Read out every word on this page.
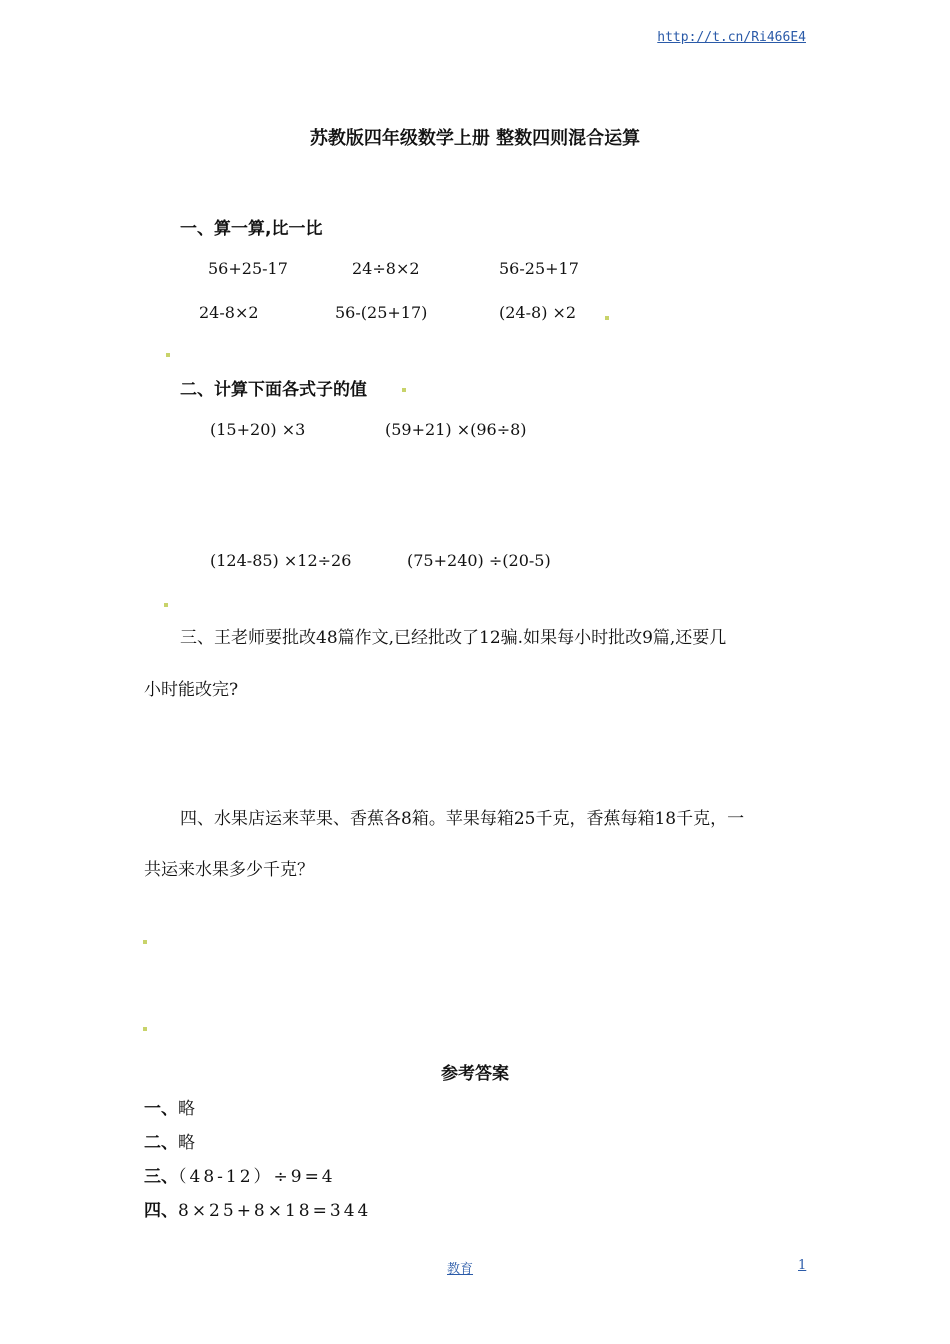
http://t.cn/Ri466E4
苏教版四年级数学上册 整数四则混合运算
一、算一算,比一比
56+25-17	24÷8×2	56-25+17
24-8×2	56-(25+17)	(24-8) ×2
二、计算下面各式子的值
(15+20) ×3	(59+21) ×(96÷8)
(124-85) ×12÷26	(75+240) ÷(20-5)
三、王老师要批改48篇作文,已经批改了12骗.如果每小时批改9篇,还要几
小时能改完?
四、水果店运来苹果、香蕉各8箱。苹果每箱25千克，香蕉每箱18千克，一
共运来水果多少千克？
参考答案
一、略
二、略
三、（48-12）÷9=4
四、8×25+8×18=344
教育	1
